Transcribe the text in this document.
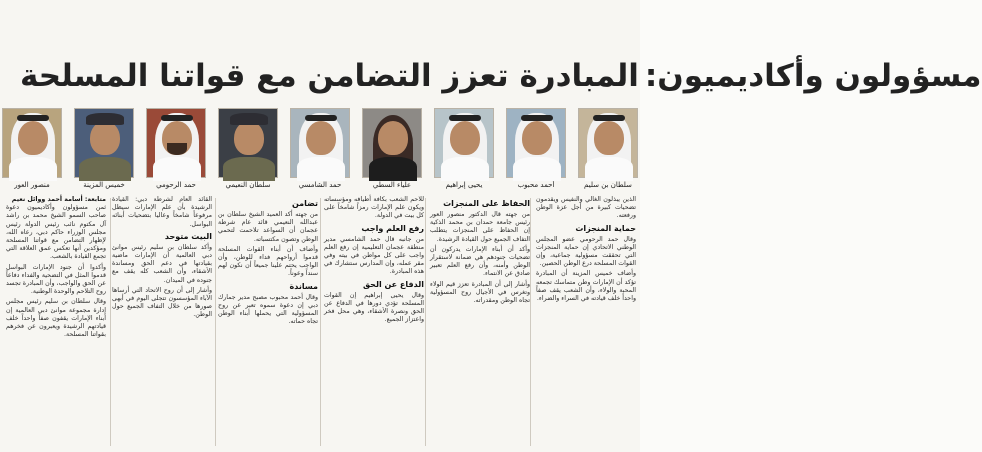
مسؤولون وأكاديميون:
المبادرة تعزز التضامن مع قواتنا المسلحة
سلطان بن سليم
أحمد محبوب
يحيى إبراهيم
علياء السطي
حمد الشامسي
سلطان النعيمي
حمد الرحومي
خميس المزينة
منصور العور
متابعة: أسامة أحمد ووائل نعيم

ثمن مسؤولون وأكاديميون دعوة صاحب السمو الشيخ محمد بن راشد آل مكتوم نائب رئيس الدولة رئيس مجلس الوزراء حاكم دبي، رعاه الله، لإظهار التضامن مع قواتنا المسلحة ومؤكدين أنها تعكس عمق العلاقة التي تجمع القيادة بالشعب.

وأكدوا أن جنود الإمارات البواسل قدموا المثل في التضحية والفداء دفاعاً عن الحق والواجب، وأن المبادرة تجسد روح التلاحم والوحدة الوطنية.

وقال سلطان بن سليم رئيس مجلس إدارة مجموعة موانئ دبي العالمية إن أبناء الإمارات يقفون صفاً واحداً خلف قيادتهم الرشيدة ويعبرون عن فخرهم بقواتنا المسلحة.

القائد العام لشرطة دبي: القيادة الرشيدة بأن علم الإمارات سيظل مرفوعاً شامخاً وعاليا بتضحيات أبنائه البواسل.

البيت متوحد

وأكد سلطان بن سليم رئيس موانئ دبي العالمية أن الإمارات ماضية بقيادتها في دعم الحق ومساندة الأشقاء، وأن الشعب كله يقف مع جنوده في الميدان.

وأشار إلى أن روح الاتحاد التي أرساها الآباء المؤسسون تتجلى اليوم في أبهى صورها من خلال التفاف الجميع حول الوطن.

تضامن

من جهته أكد العميد الشيخ سلطان بن عبدالله النعيمي قائد عام شرطة عجمان أن السواعد تلاحمت لتحمي الوطن وتصون مكتسباته.

وأضاف أن أبناء القوات المسلحة قدموا أرواحهم فداء للوطن، وأن الواجب يحتم علينا جميعاً أن نكون لهم سنداً وعوناً.

مساندة

وقال أحمد محبوب مصبح مدير جمارك دبي إن دعوة سموه تعبر عن روح المسؤولية التي يحملها أبناء الوطن تجاه حماته.

للاحم الشعب بكافة أطيافه ومؤسساته ويكون علم الإمارات رمزاً شامخاً على كل بيت في الدولة.

رفع العلم واجب

من جانبه قال حمد الشامسي مدير منطقة عجمان التعليمية إن رفع العلم واجب على كل مواطن في بيته وفي مقر عمله، وإن المدارس ستشارك في هذه المبادرة.

الدفاع عن الحق

وقال يحيى إبراهيم إن القوات المسلحة تؤدي دورها في الدفاع عن الحق ونصرة الأشقاء، وهي محل فخر واعتزاز الجميع.

الحفاظ على المنجزات

من جهته قال الدكتور منصور العور رئيس جامعة حمدان بن محمد الذكية إن الحفاظ على المنجزات يتطلب التفاف الجميع حول القيادة الرشيدة.

وأكد أن أبناء الإمارات يدركون أن تضحيات جنودهم هي ضمانة لاستقرار الوطن وأمنه، وأن رفع العلم تعبير صادق عن الانتماء.

وأشار إلى أن المبادرة تعزز قيم الولاء وتغرس في الأجيال روح المسؤولية تجاه الوطن ومقدراته.

الذين يبذلون الغالي والنفيس ويقدمون تضحيات كبيرة من أجل عزة الوطن ورفعته.

حماية المنجزات

وقال حمد الرحومي عضو المجلس الوطني الاتحادي إن حماية المنجزات التي تحققت مسؤولية جماعية، وإن القوات المسلحة درع الوطن الحصين.

وأضاف خميس المزينة أن المبادرة تؤكد أن الإمارات وطن متماسك تجمعه المحبة والولاء، وأن الشعب يقف صفاً واحداً خلف قيادته في السراء والضراء.
